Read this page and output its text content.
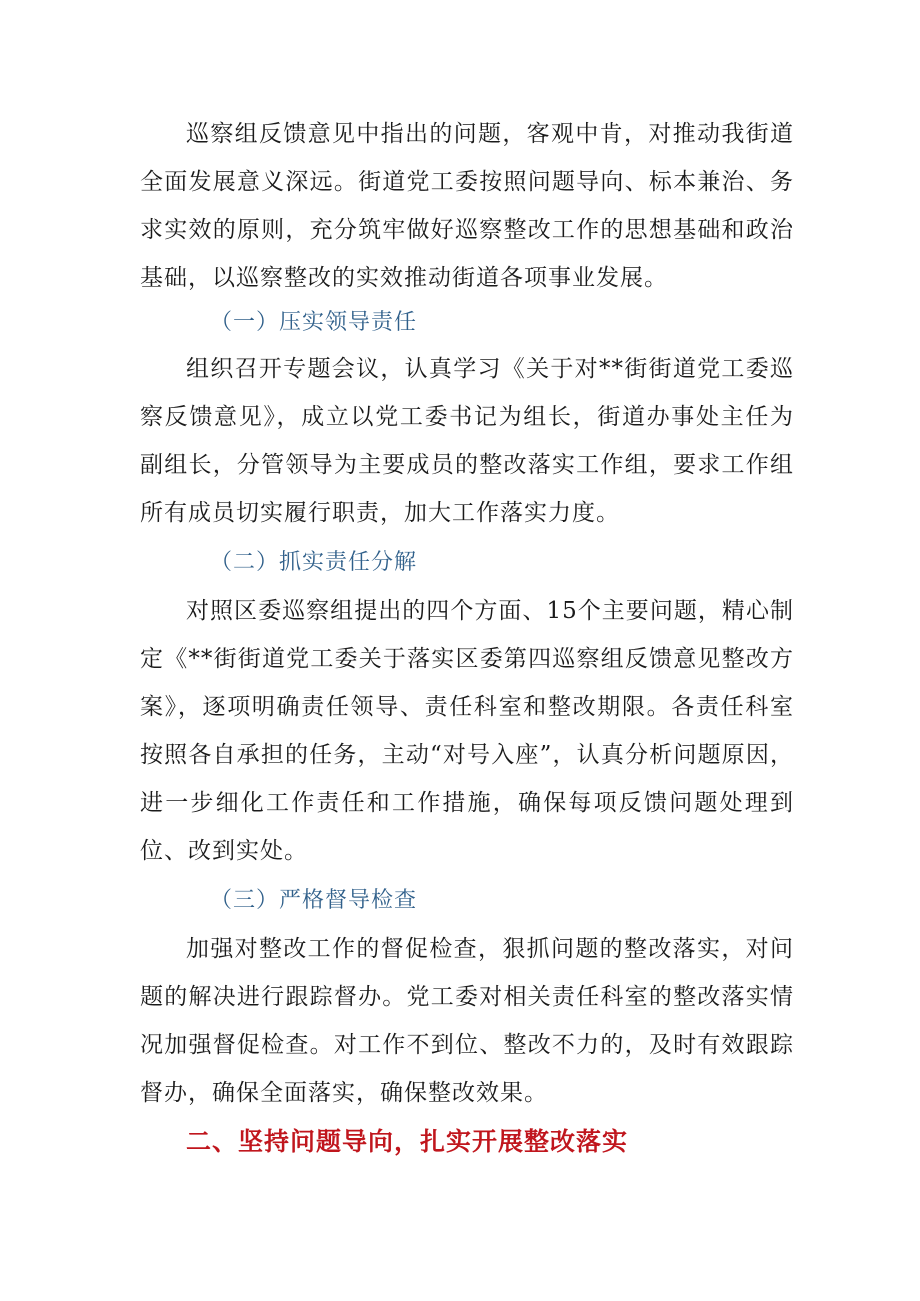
巡察组反馈意见中指出的问题，客观中肯，对推动我街道全面发展意义深远。街道党工委按照问题导向、标本兼治、务求实效的原则，充分筑牢做好巡察整改工作的思想基础和政治基础，以巡察整改的实效推动街道各项事业发展。

（一）压实领导责任

组织召开专题会议，认真学习《关于对**街街道党工委巡察反馈意见》，成立以党工委书记为组长，街道办事处主任为副组长，分管领导为主要成员的整改落实工作组，要求工作组所有成员切实履行职责，加大工作落实力度。

（二）抓实责任分解

对照区委巡察组提出的四个方面、15个主要问题，精心制定《**街街道党工委关于落实区委第四巡察组反馈意见整改方案》，逐项明确责任领导、责任科室和整改期限。各责任科室按照各自承担的任务，主动“对号入座”，认真分析问题原因，进一步细化工作责任和工作措施，确保每项反馈问题处理到位、改到实处。

（三）严格督导检查

加强对整改工作的督促检查，狠抓问题的整改落实，对问题的解决进行跟踪督办。党工委对相关责任科室的整改落实情况加强督促检查。对工作不到位、整改不力的，及时有效跟踪督办，确保全面落实，确保整改效果。

二、坚持问题导向，扎实开展整改落实
